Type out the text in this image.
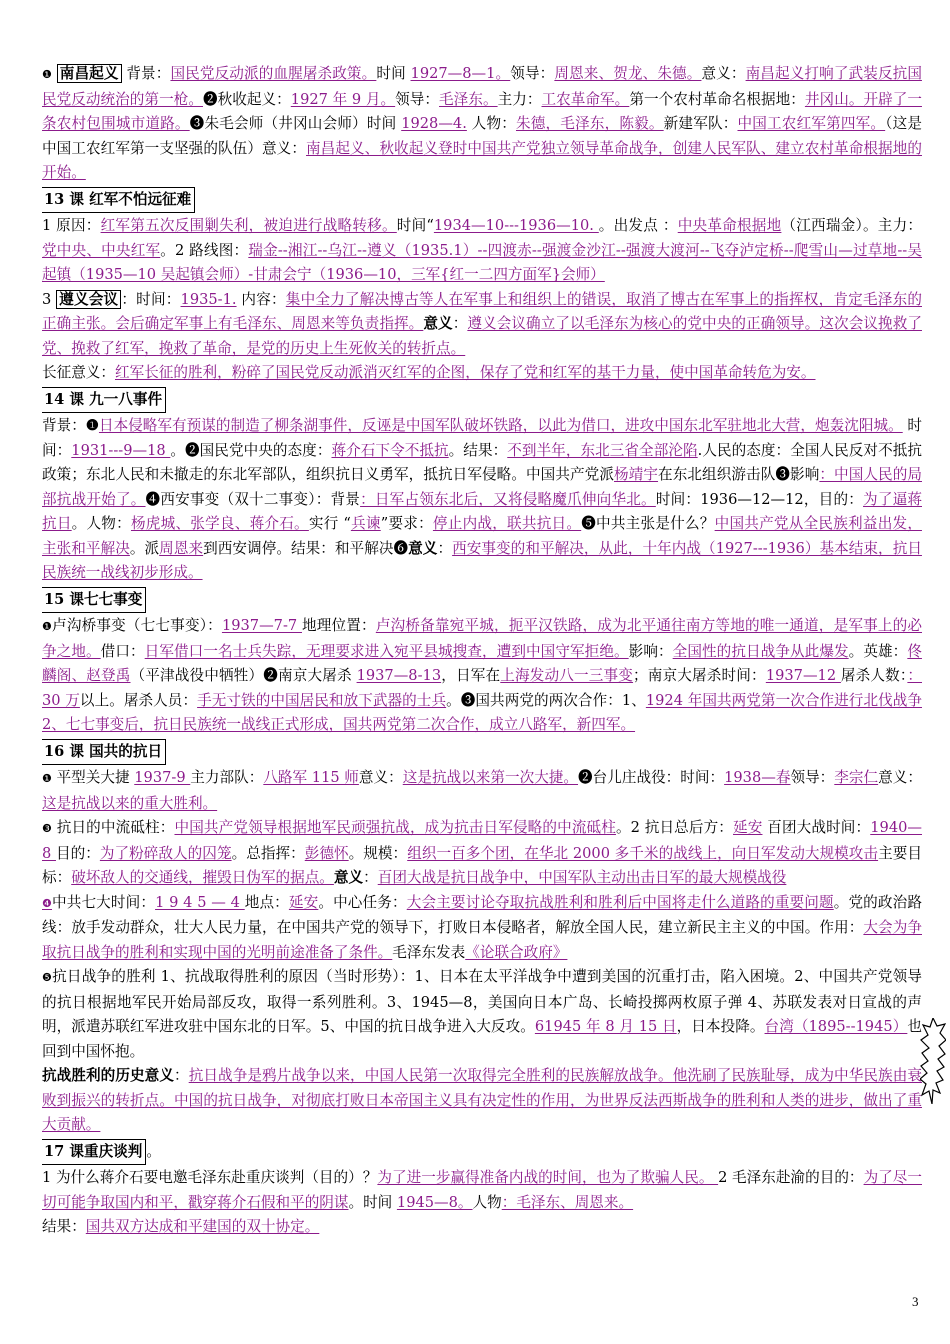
❶ 南昌起义 背景：国民党反动派的血腥屠杀政策。时间 1927—8—1。领导：周恩来、贺龙、朱德。意义：南昌起义打响了武装反抗国民党反动统治的第一枪。❷秋收起义：1927 年 9 月。领导：毛泽东。主力：工农革命军。第一个农村革命名根据地：井冈山。开辟了一条农村包围城市道路。❸朱毛会师（井冈山会师）时间 1928—4. 人物：朱德，毛泽东，陈毅。新建军队：中国工农红军第四军。（这是中国工农红军第一支坚强的队伍）意义：南昌起义、秋收起义登时中国共产党独立领导革命战争，创建人民军队、建立农村革命根据地的开始。
13 课 红军不怕远征难
1 原因：红军第五次反围剿失利，被迫进行战略转移。时间“1934—10---1936—10. 。出发点 ：中央革命根据地（江西瑞金）。主力：党中央、中央红军。2 路线图：瑞金--湘江--乌江--遵义（1935.1）--四渡赤--强渡金沙江--强渡大渡河--飞夺泸定桥--爬雪山—过草地--吴起镇（1935—10 吴起镇会师）-甘肃会宁（1936—10，三军{红一二四方面军}会师）
3 遵义会议 ：时间：1935-1. 内容：集中全力了解决博古等人在军事上和组织上的错误，取消了博古在军事上的指挥权，肯定毛泽东的正确主张。会后确定军事上有毛泽东、周恩来等负责指挥。意义：遵义会议确立了以毛泽东为核心的党中央的正确领导。这次会议挽救了党、挽救了红军，挽救了革命，是党的历史上生死攸关的转折点。
长征意义：红军长征的胜利，粉碎了国民党反动派消灭红军的企图，保存了党和红军的基干力量，使中国革命转危为安。
14 课 九一八事件
背景：❶日本侵略军有预谋的制造了柳条湖事件，反诬是中国军队破坏铁路，以此为借口，进攻中国东北军驻地北大营，炮轰沈阳城。 时间：1931---9—18 。❷国民党中央的态度：蒋介石下令不抵抗。结果：不到半年，东北三省全部沦陷.人民的态度：全国人民反对不抵抗政策；东北人民和未撤走的东北军部队，组织抗日义勇军，抵抗日军侵略。中国共产党派杨靖宇在东北组织游击队❸影响：中国人民的局部抗战开始了。❹西安事变（双十二事变）：背景：日军占领东北后，又将侵略魔爪伸向华北。时间：1936—12—12，目的：为了逼蒋抗日。人物：杨虎城、张学良、蒋介石。实行 “兵谏”要求：停止内战，联共抗日。❺中共主张是什么？中国共产党从全民族利益出发，主张和平解决。派周恩来到西安调停。结果：和平解决❻意义：西安事变的和平解决，从此，十年内战（1927---1936）基本结束，抗日民族统一战线初步形成。
15 课七七事变
❶卢沟桥事变（七七事变）：1937—7-7 地理位置：卢沟桥备靠宛平城，扼平汉铁路，成为北平通往南方等地的唯一通道，是军事上的必争之地。借口：日军借口一名士兵失踪，无理要求进入宛平县城搜查，遭到中国守军拒绝。影响：全国性的抗日战争从此爆发。英雄：佟麟阁、赵登禹（平津战役中牺牲）❷南京大屠杀 1937—8-13，日军在上海发动八一三事变；南京大屠杀时间：1937—12 屠杀人数：：30 万以上。屠杀人员：手无寸铁的中国居民和放下武器的士兵。❸国共两党的两次合作：1、1924 年国共两党第一次合作进行北伐战争 2、七七事变后，抗日民族统一战线正式形成，国共两党第二次合作，成立八路军，新四军。
16 课 国共的抗日
❶ 平型关大捷 1937-9 主力部队：八路军 115 师意义：这是抗战以来第一次大捷。❷台儿庄战役：时间：1938—春领导：李宗仁意义：这是抗战以来的重大胜利。
❸ 抗日的中流砥柱：中国共产党领导根据地军民顽强抗战，成为抗击日军侵略的中流砥柱。2 抗日总后方：延安 百团大战时间：1940—8 目的：为了粉碎敌人的囚笼。总指挥：彭德怀。规模：组织一百多个团，在华北 2000 多千米的战线上，向日军发动大规模攻击主要目标：破坏敌人的交通线，摧毁日伪军的据点。意义：百团大战是抗日战争中，中国军队主动出击日军的最大规模战役
❹中共七大时间：1 9 4 5 — 4 地点：延安。中心任务：大会主要讨论夺取抗战胜利和胜利后中国将走什么道路的重要问题。党的政治路线：放手发动群众，壮大人民力量，在中国共产党的领导下，打败日本侵略者，解放全国人民，建立新民主主义的中国。作用：大会为争取抗日战争的胜利和实现中国的光明前途准备了条件。毛泽东发表《论联合政府》
❺抗日战争的胜利 1、抗战取得胜利的原因（当时形势）：1、日本在太平洋战争中遭到美国的沉重打击，陷入困境。2、中国共产党领导的抗日根据地军民开始局部反攻，取得一系列胜利。3、1945—8，美国向日本广岛、长崎投掷两枚原子弹 4、苏联发表对日宣战的声明，派遣苏联红军进攻驻中国东北的日军。5、中国的抗日战争进入大反攻。61945 年 8 月 15 日，日本投降。台湾（1895--1945）也回到中国怀抱。
抗战胜利的历史意义：抗日战争是鸦片战争以来，中国人民第一次取得完全胜利的民族解放战争。他洗刷了民族耻辱，成为中华民族由衰败到振兴的转折点。中国的抗日战争，对彻底打败日本帝国主义具有决定性的作用，为世界反法西斯战争的胜利和人类的进步，做出了重大贡献。
17 课重庆谈判 。
1 为什么蒋介石要电邀毛泽东赴重庆谈判（目的）？为了进一步赢得准备内战的时间，也为了欺骗人民。 2 毛泽东赴渝的目的：为了尽一切可能争取国内和平，戳穿蒋介石假和平的阴谋。时间 1945—8。人物：毛泽东、周恩来。
结果：国共双方达成和平建国的双十协定。
3
